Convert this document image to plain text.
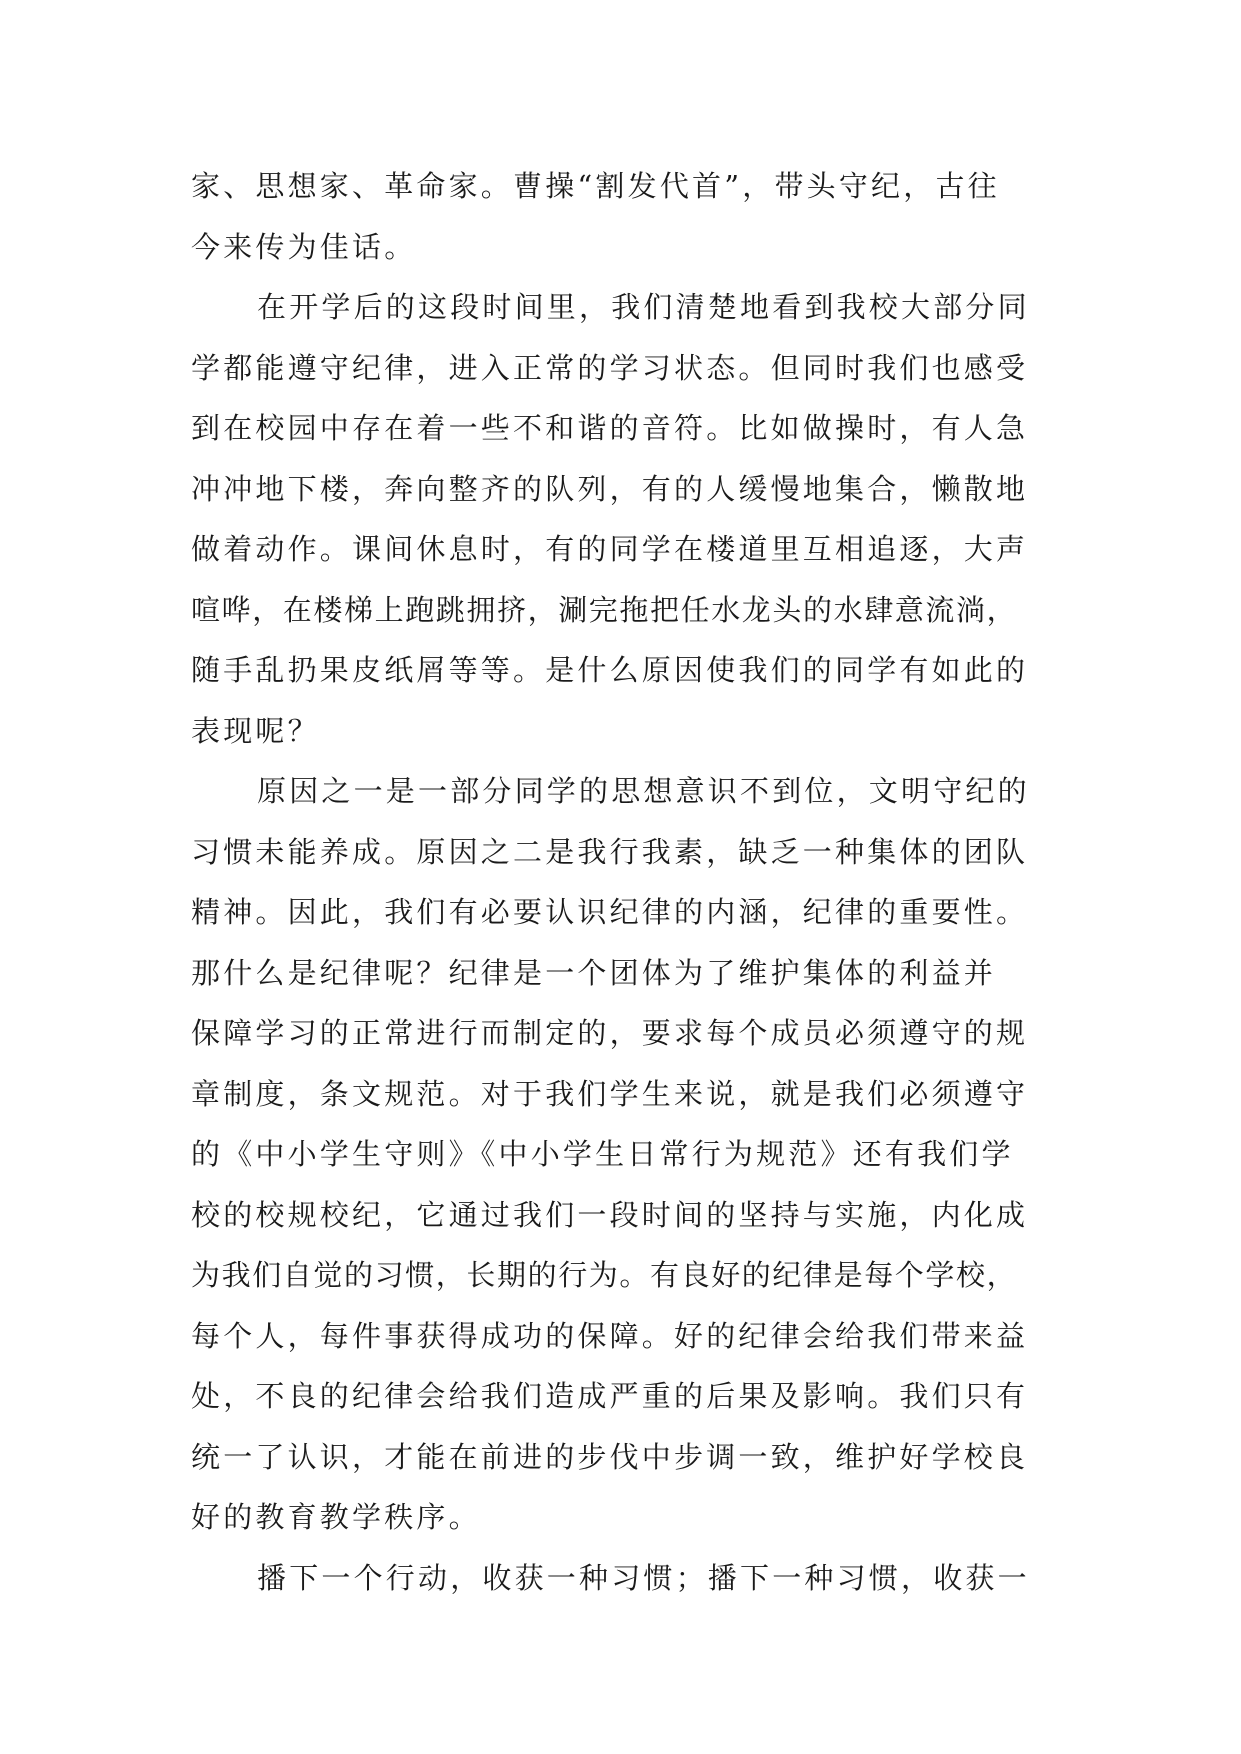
家、思想家、革命家。曹操“割发代首”，带头守纪，古往
今来传为佳话。
在开学后的这段时间里，我们清楚地看到我校大部分同
学都能遵守纪律，进入正常的学习状态。但同时我们也感受
到在校园中存在着一些不和谐的音符。比如做操时，有人急
冲冲地下楼，奔向整齐的队列，有的人缓慢地集合，懒散地
做着动作。课间休息时，有的同学在楼道里互相追逐，大声
喧哗，在楼梯上跑跳拥挤，涮完拖把任水龙头的水肆意流淌，
随手乱扔果皮纸屑等等。是什么原因使我们的同学有如此的
表现呢？
原因之一是一部分同学的思想意识不到位，文明守纪的
习惯未能养成。原因之二是我行我素，缺乏一种集体的团队
精神。因此，我们有必要认识纪律的内涵，纪律的重要性。
那什么是纪律呢？纪律是一个团体为了维护集体的利益并
保障学习的正常进行而制定的，要求每个成员必须遵守的规
章制度，条文规范。对于我们学生来说，就是我们必须遵守
的《中小学生守则》《中小学生日常行为规范》还有我们学
校的校规校纪，它通过我们一段时间的坚持与实施，内化成
为我们自觉的习惯，长期的行为。有良好的纪律是每个学校，
每个人，每件事获得成功的保障。好的纪律会给我们带来益
处，不良的纪律会给我们造成严重的后果及影响。我们只有
统一了认识，才能在前进的步伐中步调一致，维护好学校良
好的教育教学秩序。
播下一个行动，收获一种习惯；播下一种习惯，收获一
